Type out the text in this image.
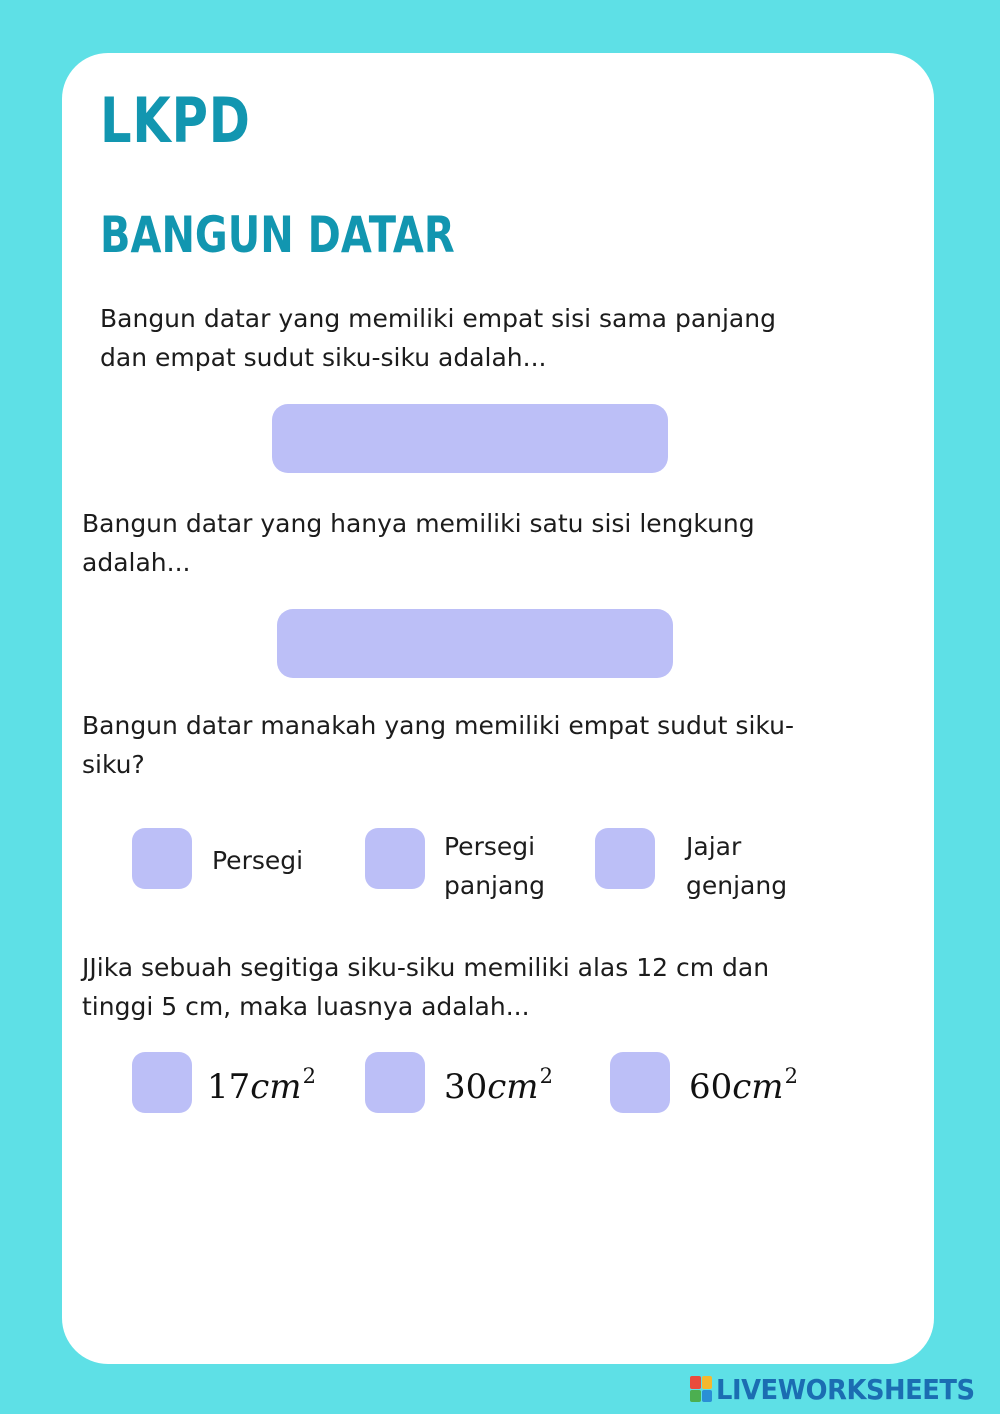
LKPD
BANGUN DATAR

Bangun datar yang memiliki empat sisi sama panjang
dan empat sudut siku-siku adalah...

Bangun datar yang hanya memiliki satu sisi lengkung
adalah...

Bangun datar manakah yang memiliki empat sudut siku-
siku?

Persegi	Persegi
panjang
Jajar
genjang

JJika sebuah segitiga siku-siku memiliki alas 12 cm dan
tinggi 5 cm, maka luasnya adalah...

$17cm^2$	$30cm^2$	$60cm^2$
LIVEWORKSHEETS
